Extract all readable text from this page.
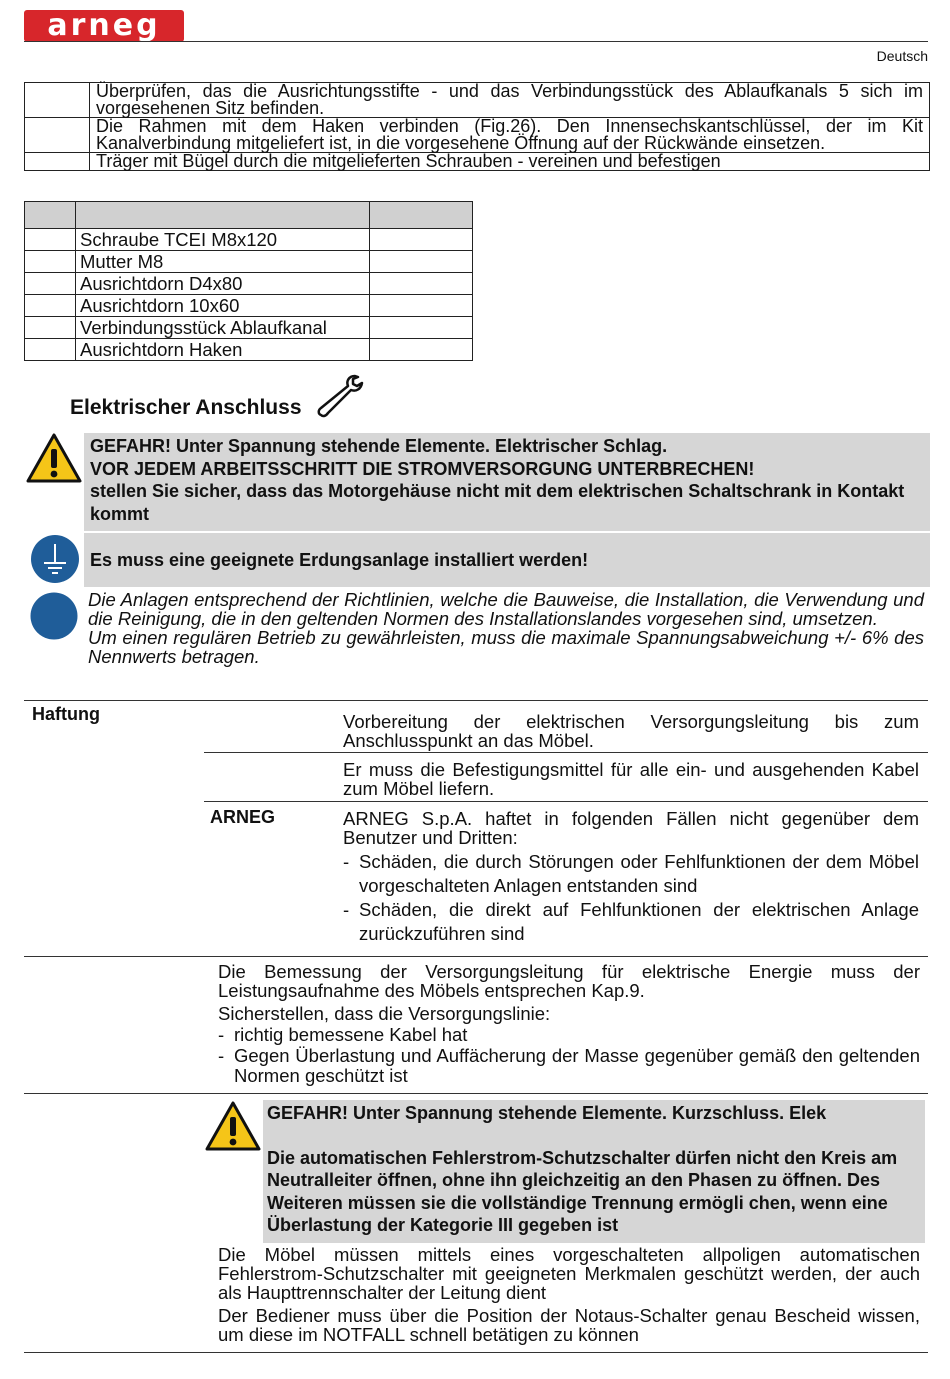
arneg
Deutsch
	Überprüfen, das die Ausrichtungsstifte - und das Verbindungsstück des Ablaufkanals 5 sich im vorgesehenen Sitz befinden.
	Die Rahmen mit dem Haken verbinden (Fig.26). Den Innensechskantschlüssel, der im Kit Kanalverbindung mitgeliefert ist, in die vorgesehene Öffnung auf der Rückwände einsetzen.
	Träger mit Bügel durch die mitgelieferten Schrauben - vereinen und befestigen

	Schraube TCEI M8x120	
	Mutter M8	
	Ausrichtdorn D4x80	
	Ausrichtdorn 10x60	
	Verbindungsstück Ablaufkanal	
	Ausrichtdorn Haken	
Elektrischer Anschluss
GEFAHR! Unter Spannung stehende Elemente. Elektrischer Schlag.
VOR JEDEM ARBEITSSCHRITT DIE STROMVERSORGUNG UNTERBRECHEN!
stellen Sie sicher, dass das Motorgehäuse nicht mit dem elektrischen Schaltschrank in Kontakt kommt
Es muss eine geeignete Erdungsanlage installiert werden!
Die Anlagen entsprechend der Richtlinien, welche die Bauweise, die Installation, die Verwendung und die Reinigung, die in den geltenden Normen des Installationslandes vorgesehen sind, umsetzen.
Um einen regulären Betrieb zu gewährleisten, muss die maximale Spannungsabweichung +/- 6% des Nennwerts betragen.
Haftung	Vorbereitung der elektrischen Versorgungsleitung bis zum Anschlusspunkt an das Möbel.
Er muss die Befestigungsmittel für alle ein- und ausgehenden Kabel zum Möbel liefern.
ARNEG	ARNEG S.p.A. haftet in folgenden Fällen nicht gegenüber dem Benutzer und Dritten:
- Schäden, die durch Störungen oder Fehlfunktionen der dem Möbel vorgeschalteten Anlagen entstanden sind
- Schäden, die direkt auf Fehlfunktionen der elektrischen Anlage zurückzuführen sind
Die Bemessung der Versorgungsleitung für elektrische Energie muss der Leistungsaufnahme des Möbels entsprechen Kap.9.
Sicherstellen, dass die Versorgungslinie:
- richtig bemessene Kabel hat
- Gegen Überlastung und Auffächerung der Masse gegenüber gemäß den geltenden Normen geschützt ist
GEFAHR! Unter Spannung stehende Elemente. Kurzschluss. Elek
Die automatischen Fehlerstrom-Schutzschalter dürfen nicht den Kreis am Neutralleiter öffnen, ohne ihn gleichzeitig an den Phasen zu öffnen. Des Weiteren müssen sie die vollständige Trennung ermögli chen, wenn eine Überlastung der Kategorie III gegeben ist
Die Möbel müssen mittels eines vorgeschalteten allpoligen automatischen Fehlerstrom-Schutzschalter mit geeigneten Merkmalen geschützt werden, der auch als Haupttrennschalter der Leitung dient
Der Bediener muss über die Position der Notaus-Schalter genau Bescheid wissen, um diese im NOTFALL schnell betätigen zu können
